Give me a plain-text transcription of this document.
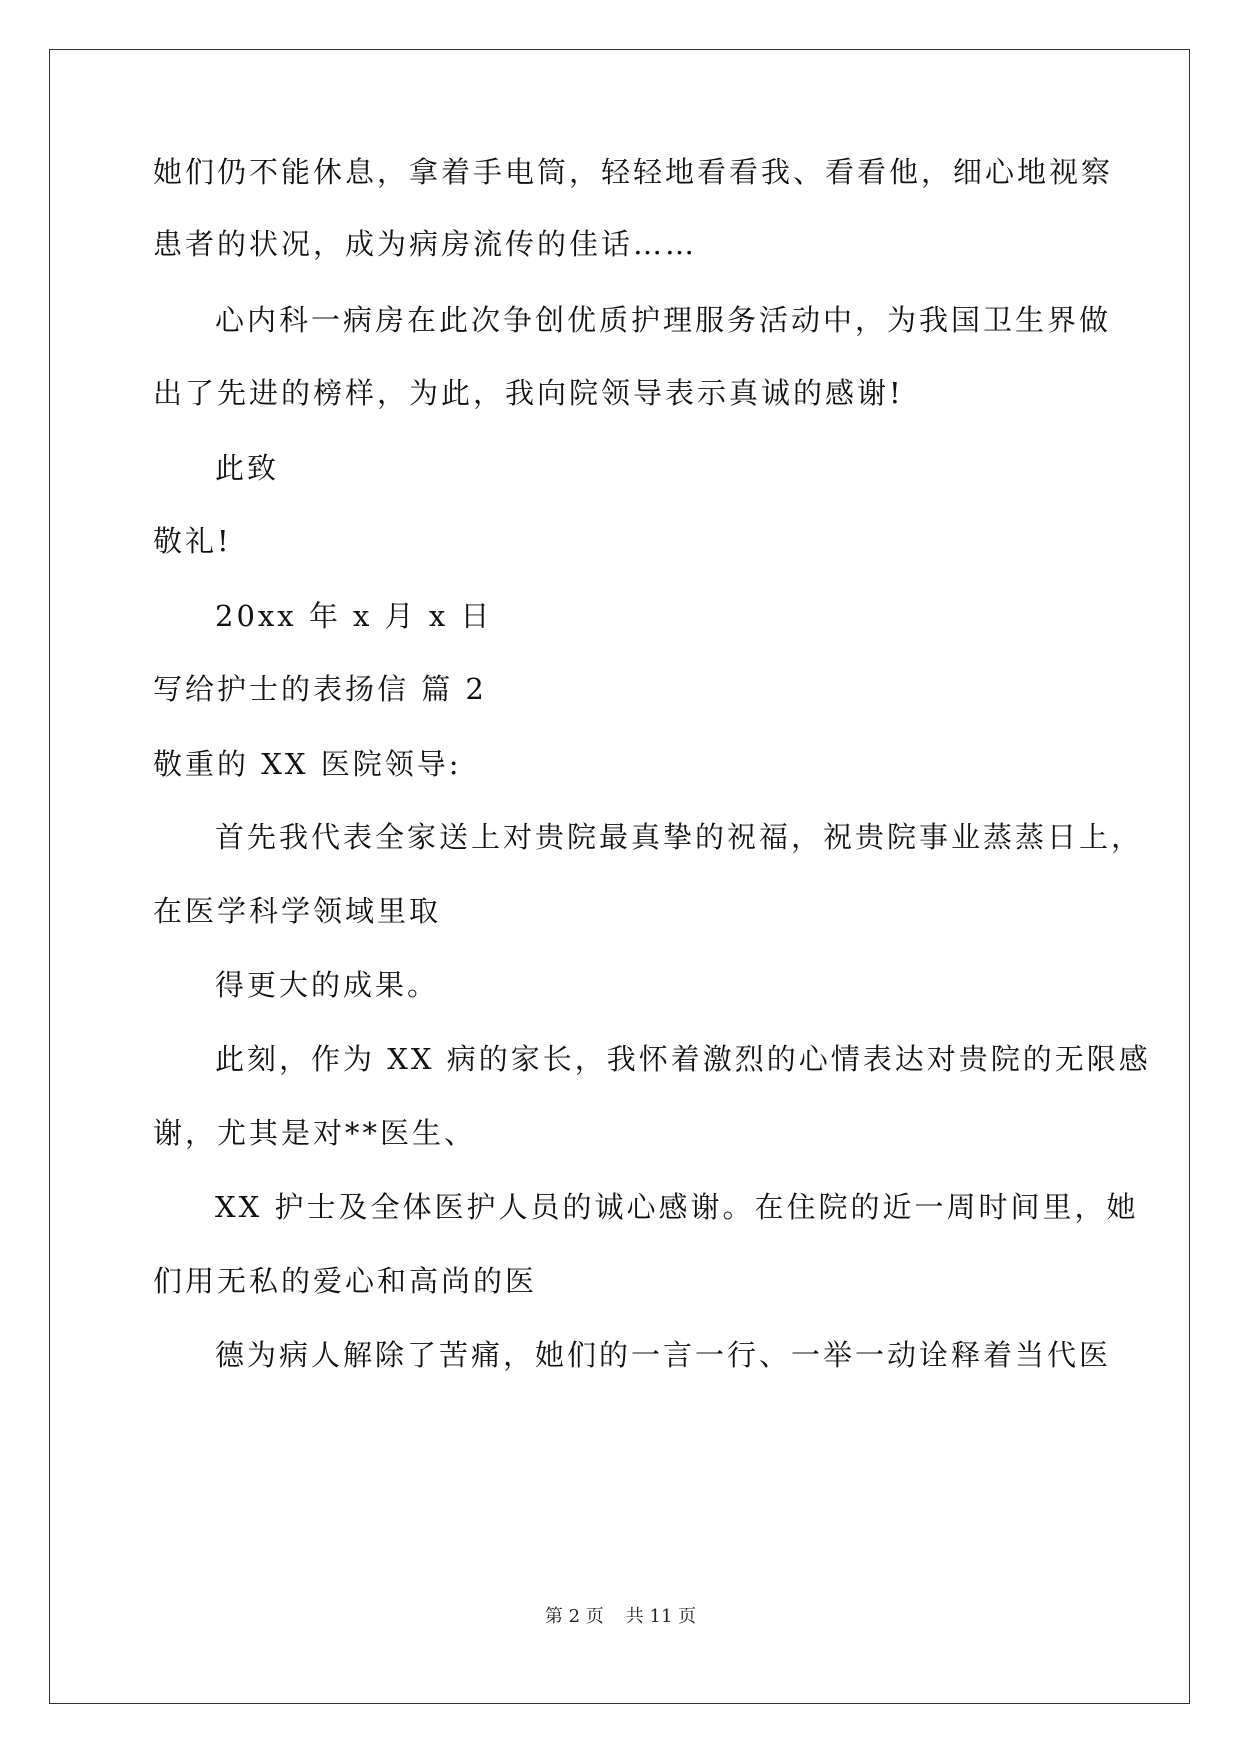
她们仍不能休息，拿着手电筒，轻轻地看看我、看看他，细心地视察
患者的状况，成为病房流传的佳话……
心内科一病房在此次争创优质护理服务活动中，为我国卫生界做
出了先进的榜样，为此，我向院领导表示真诚的感谢!
此致
敬礼!
20xx 年 x 月 x 日
写给护士的表扬信 篇 2
敬重的 XX 医院领导:
首先我代表全家送上对贵院最真挚的祝福，祝贵院事业蒸蒸日上，
在医学科学领域里取
得更大的成果。
此刻，作为 XX 病的家长，我怀着激烈的心情表达对贵院的无限感
谢，尤其是对**医生、
XX 护士及全体医护人员的诚心感谢。在住院的近一周时间里，她
们用无私的爱心和高尚的医
德为病人解除了苦痛，她们的一言一行、一举一动诠释着当代医
第 2 页 共 11 页
